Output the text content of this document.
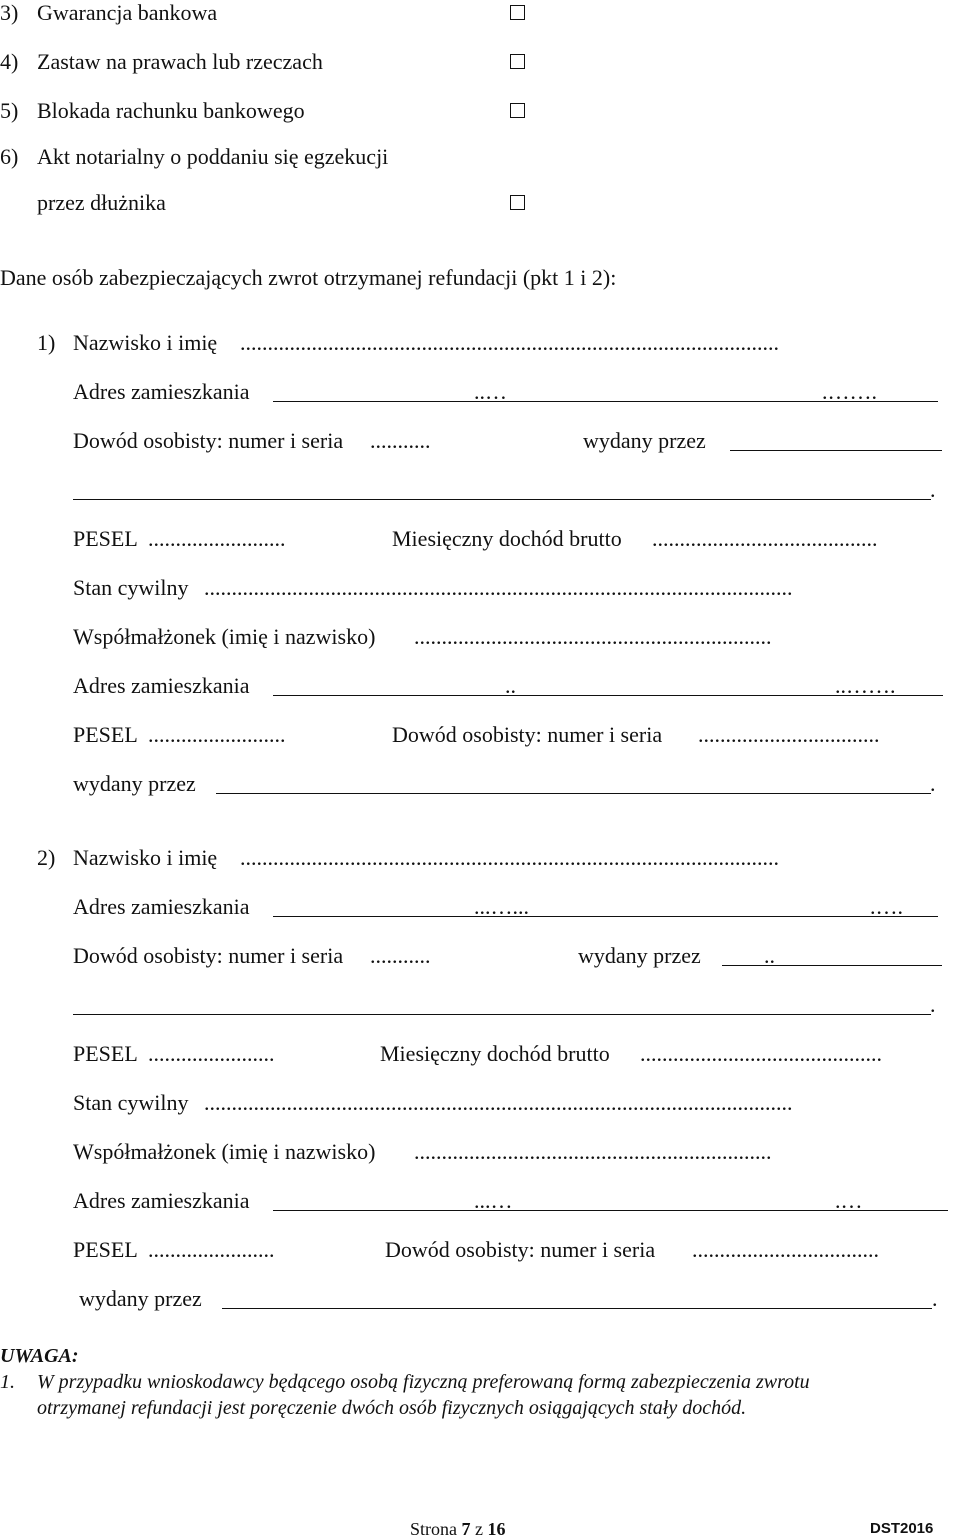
3) Gwarancja bankowa
4) Zastaw na prawach lub rzeczach
5) Blokada rachunku bankowego
6) Akt notarialny o poddaniu się egzekucji
przez dłużnika
Dane osób zabezpieczających zwrot otrzymanej refundacji (pkt 1 i 2):
1) Nazwisko i imię ..................................................................................................
Adres zamieszkania	..…	.…….
Dowód osobisty: numer i seria ...........	wydany przez
.
PESEL .........................	Miesięczny dochód brutto .........................................
Stan cywilny ...........................................................................................................
Współmałżonek (imię i nazwisko) .................................................................
Adres zamieszkania	..	..…….
PESEL .........................	Dowód osobisty: numer i seria .................................
wydany przez	.
2) Nazwisko i imię ..................................................................................................
Adres zamieszkania	...…...	.….
Dowód osobisty: numer i seria ...........	wydany przez	..
.
PESEL .......................	Miesięczny dochód brutto ............................................
Stan cywilny ...........................................................................................................
Współmałżonek (imię i nazwisko) .................................................................
Adres zamieszkania	...…	.…
PESEL .......................	Dowód osobisty: numer i seria ..................................
wydany przez	.
UWAGA:
1. W przypadku wnioskodawcy będącego osobą fizyczną preferowaną formą zabezpieczenia zwrotu
otrzymanej refundacji jest poręczenie dwóch osób fizycznych osiągających stały dochód.
Strona 7 z 16	DST2016
